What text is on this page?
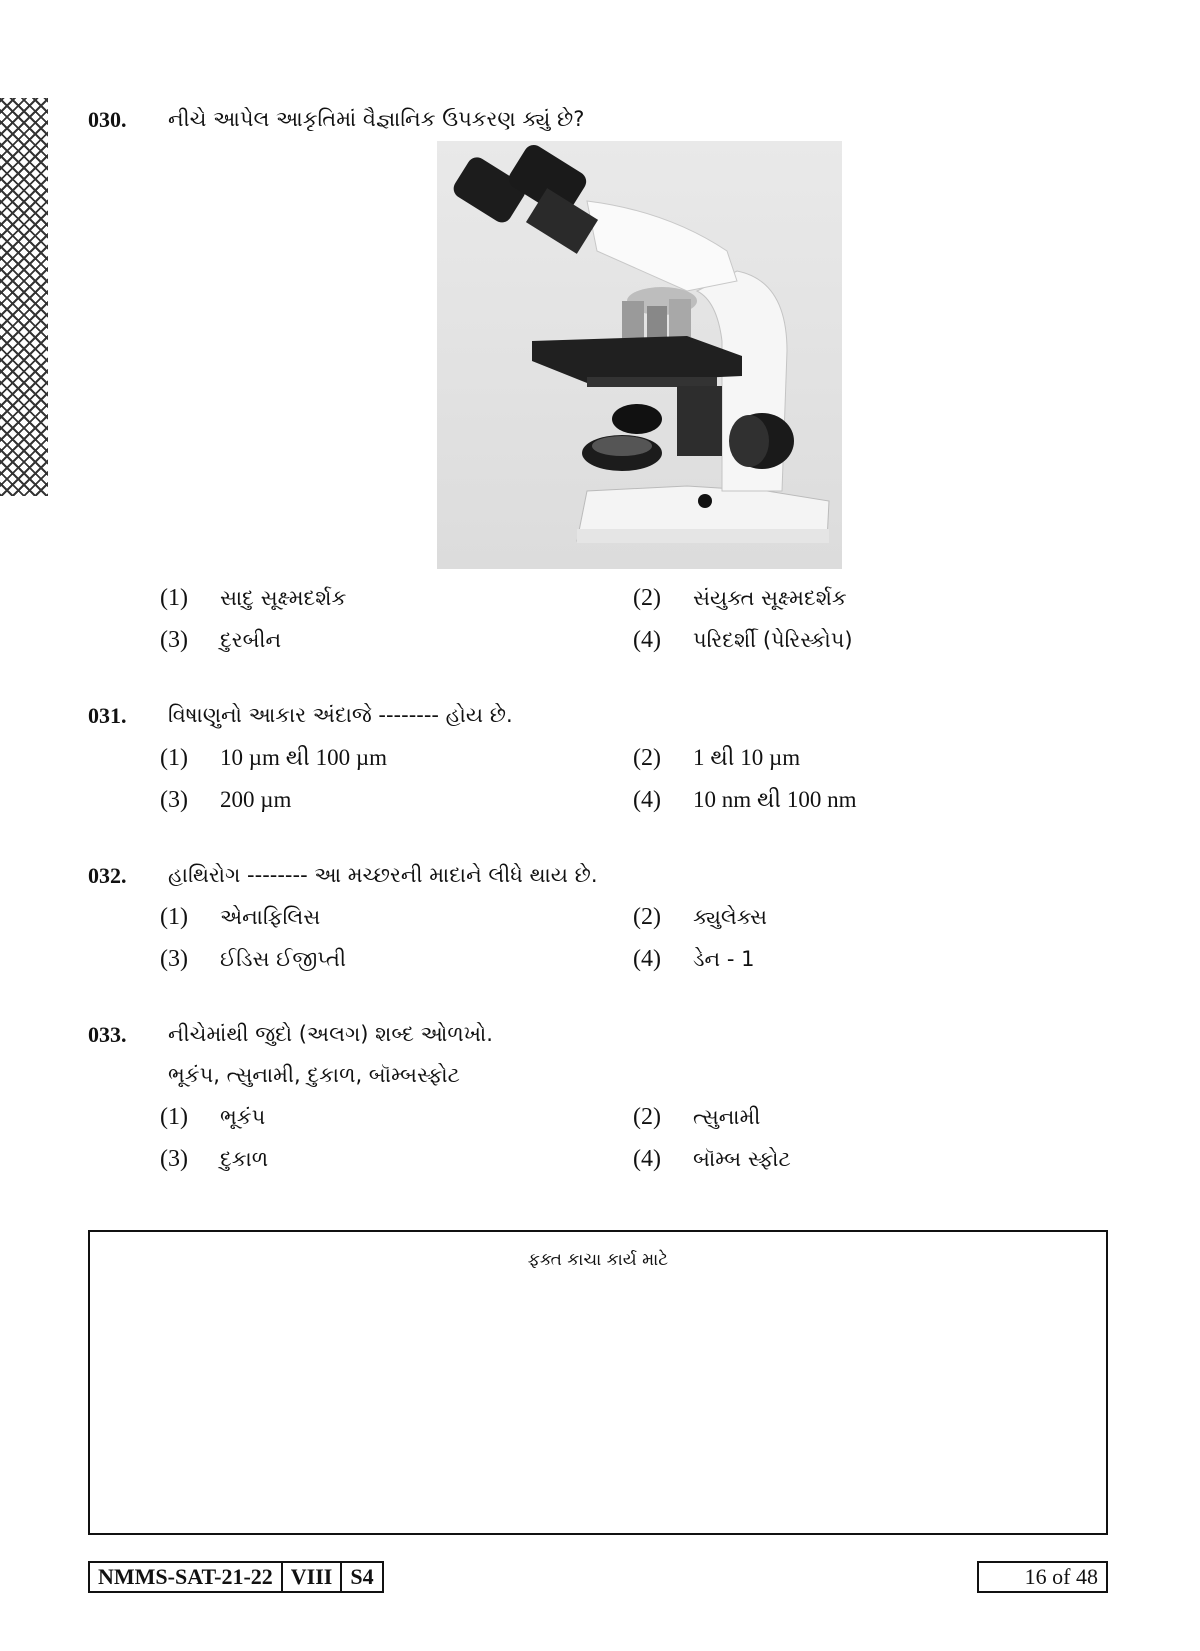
030. નીચે આપેલ આકૃતિમાં વૈજ્ઞાનિક ઉપકરણ ક્યું છે?
(1) સાદુ સૂક્ષ્મદર્શક	(2) સંયુક્ત સૂક્ષ્મદર્શક
(3) દુરબીન	(4) પરિદર્શી (પેરિસ્કોપ)
031. વિષાણુનો આકાર અંદાજે -------- હોય છે.
(1) 10 µm થી 100 µm	(2) 1 થી 10 µm
(3) 200 µm	(4) 10 nm થી 100 nm
032. હાથિરોગ -------- આ મચ્છરની માદાને લીધે થાય છે.
(1) એનાફિલિસ	(2) ક્યુલેક્સ
(3) ઈડિસ ઈજીપ્તી	(4) ડેન - 1
033. નીચેમાંથી જુદો (અલગ) શબ્દ ઓળખો.
ભૂકંપ, ત્સુનામી, દુકાળ, બૉમ્બસ્ફોટ
(1) ભૂકંપ	(2) ત્સુનામી
(3) દુકાળ	(4) બૉમ્બ સ્ફોટ
ફક્ત કાચા કાર્ય માટે
NMMS-SAT-21-22 VIII S4	16 of 48
